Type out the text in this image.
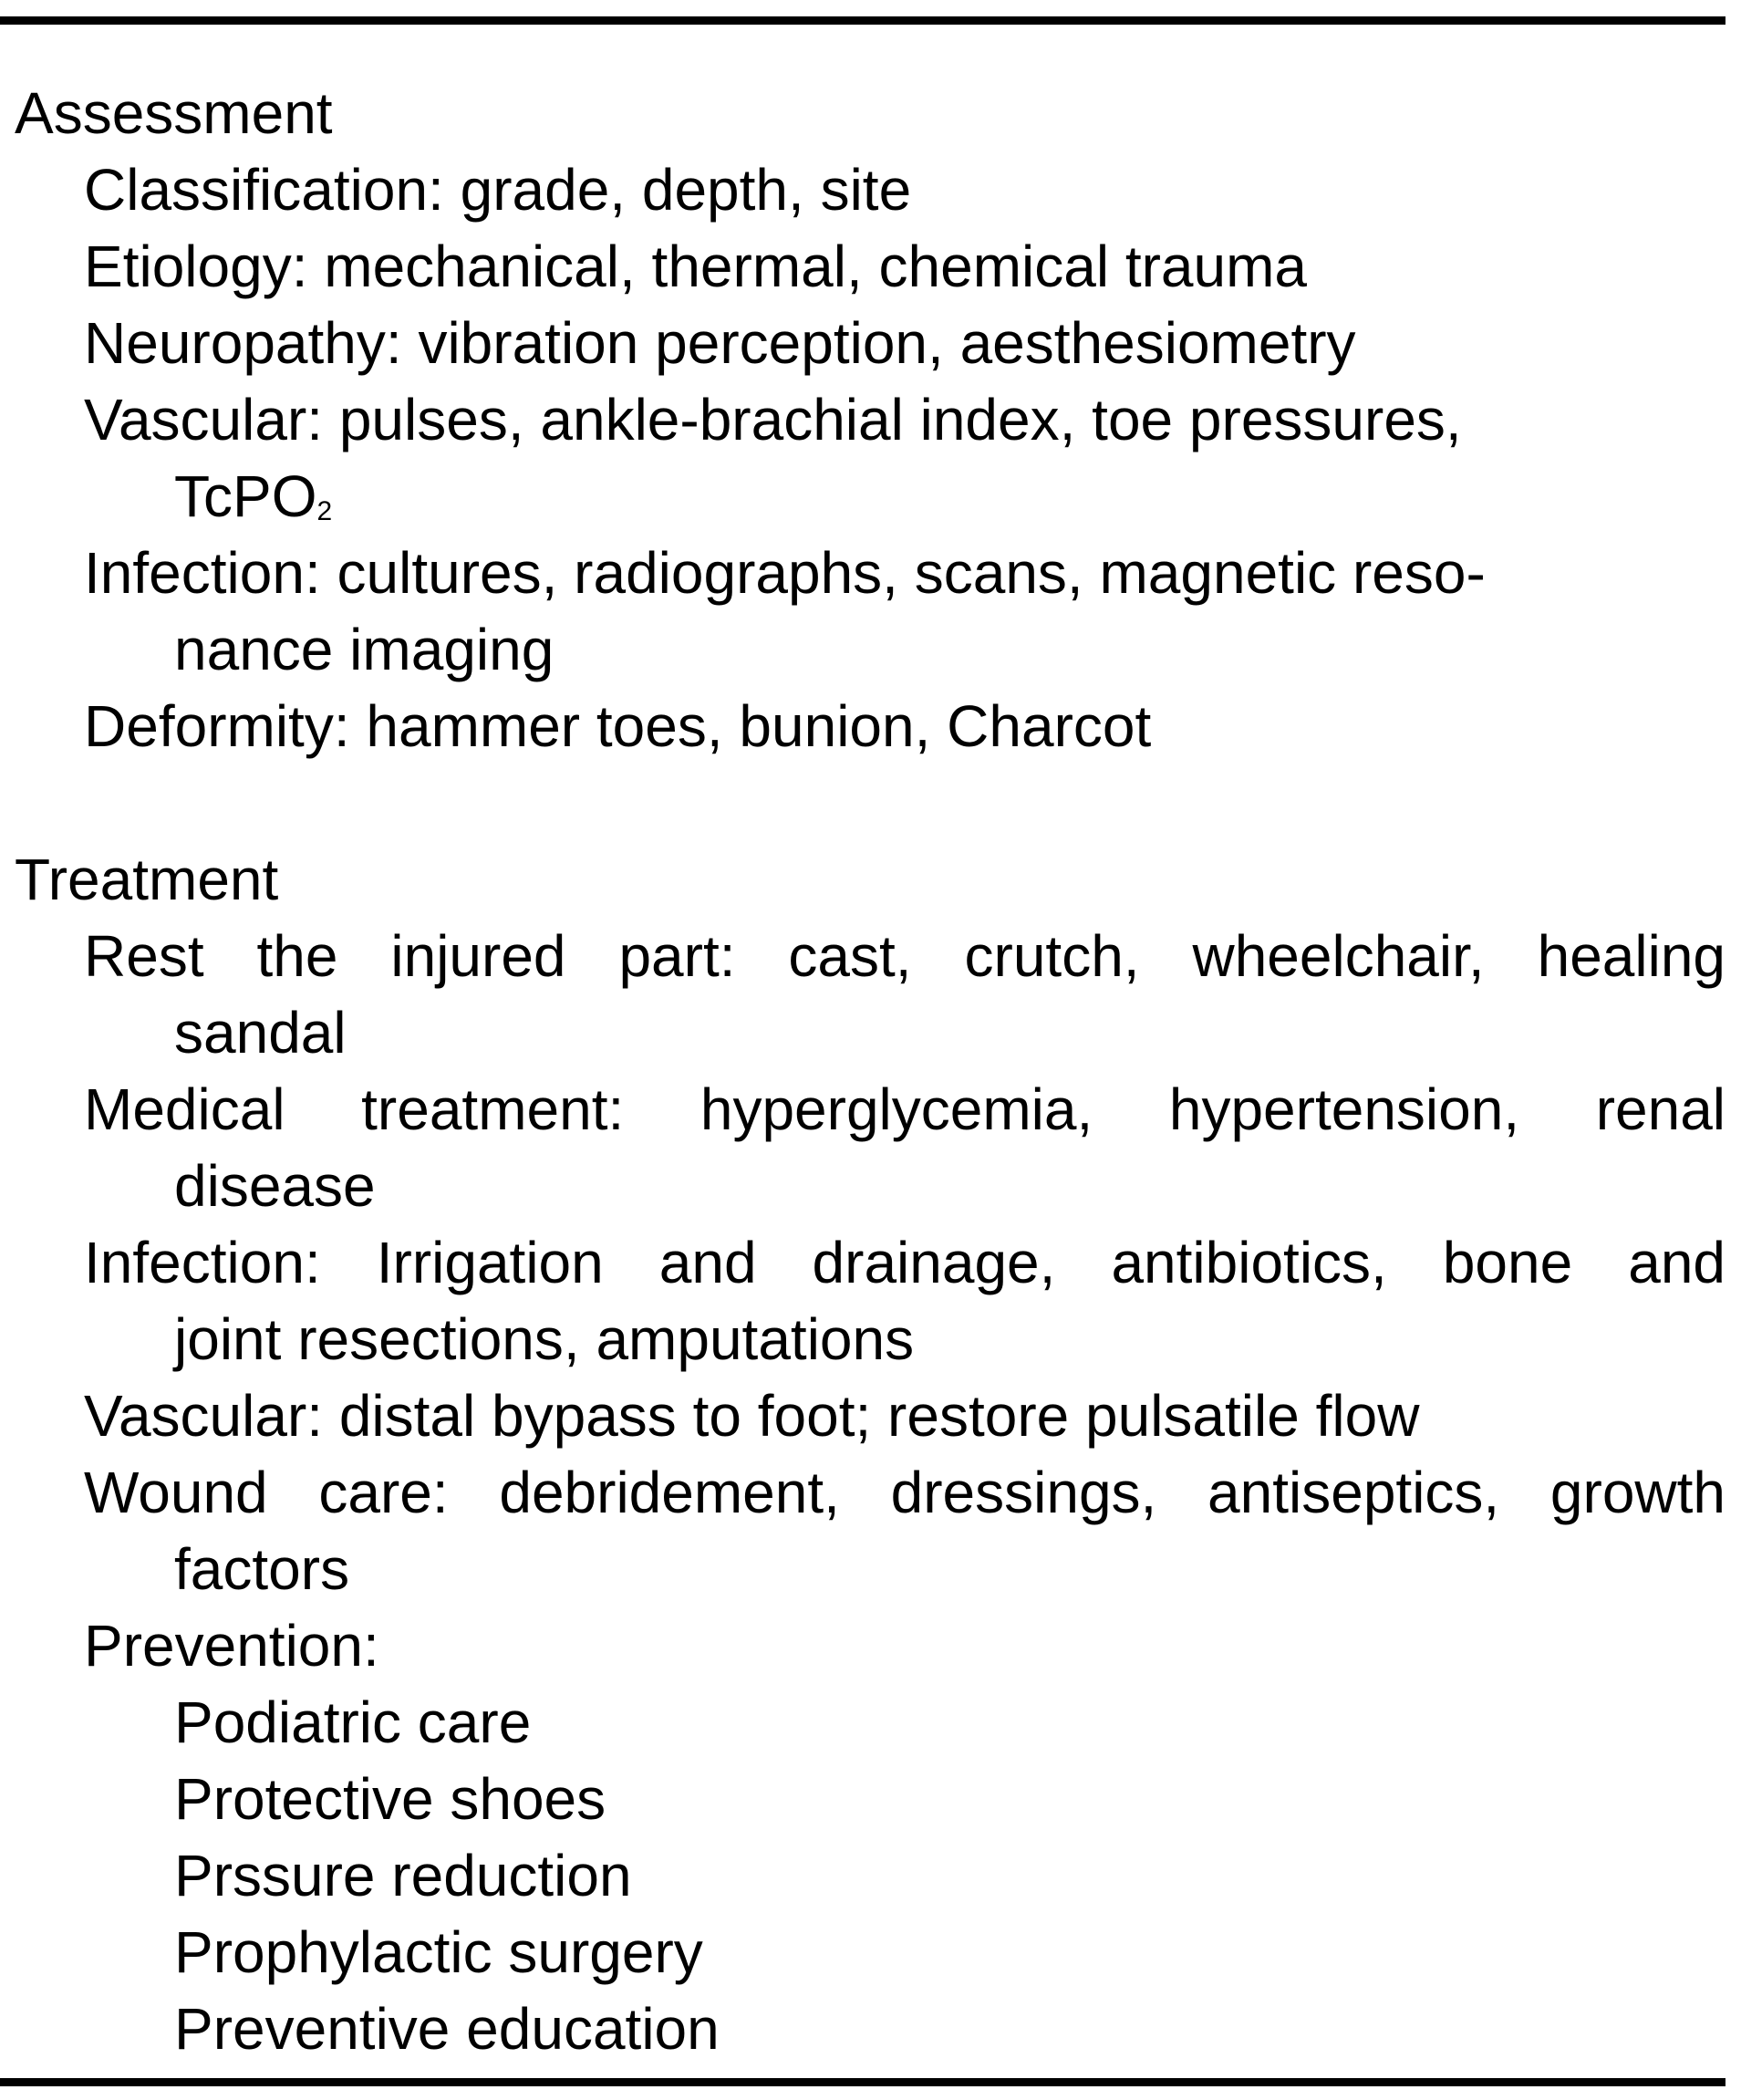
Assessment
Classification: grade, depth, site
Etiology: mechanical, thermal, chemical trauma
Neuropathy: vibration perception, aesthesiometry
Vascular: pulses, ankle-brachial index, toe pressures,
TcPO$_2$
Infection: cultures, radiographs, scans, magnetic reso-
nance imaging
Deformity: hammer toes, bunion, Charcot
Treatment
Rest the injured part: cast, crutch, wheelchair, healing
sandal
Medical treatment: hyperglycemia, hypertension, renal
disease
Infection: Irrigation and drainage, antibiotics, bone and
joint resections, amputations
Vascular: distal bypass to foot; restore pulsatile flow
Wound care: debridement, dressings, antiseptics, growth
factors
Prevention:
Podiatric care
Protective shoes
Prssure reduction
Prophylactic surgery
Preventive education
